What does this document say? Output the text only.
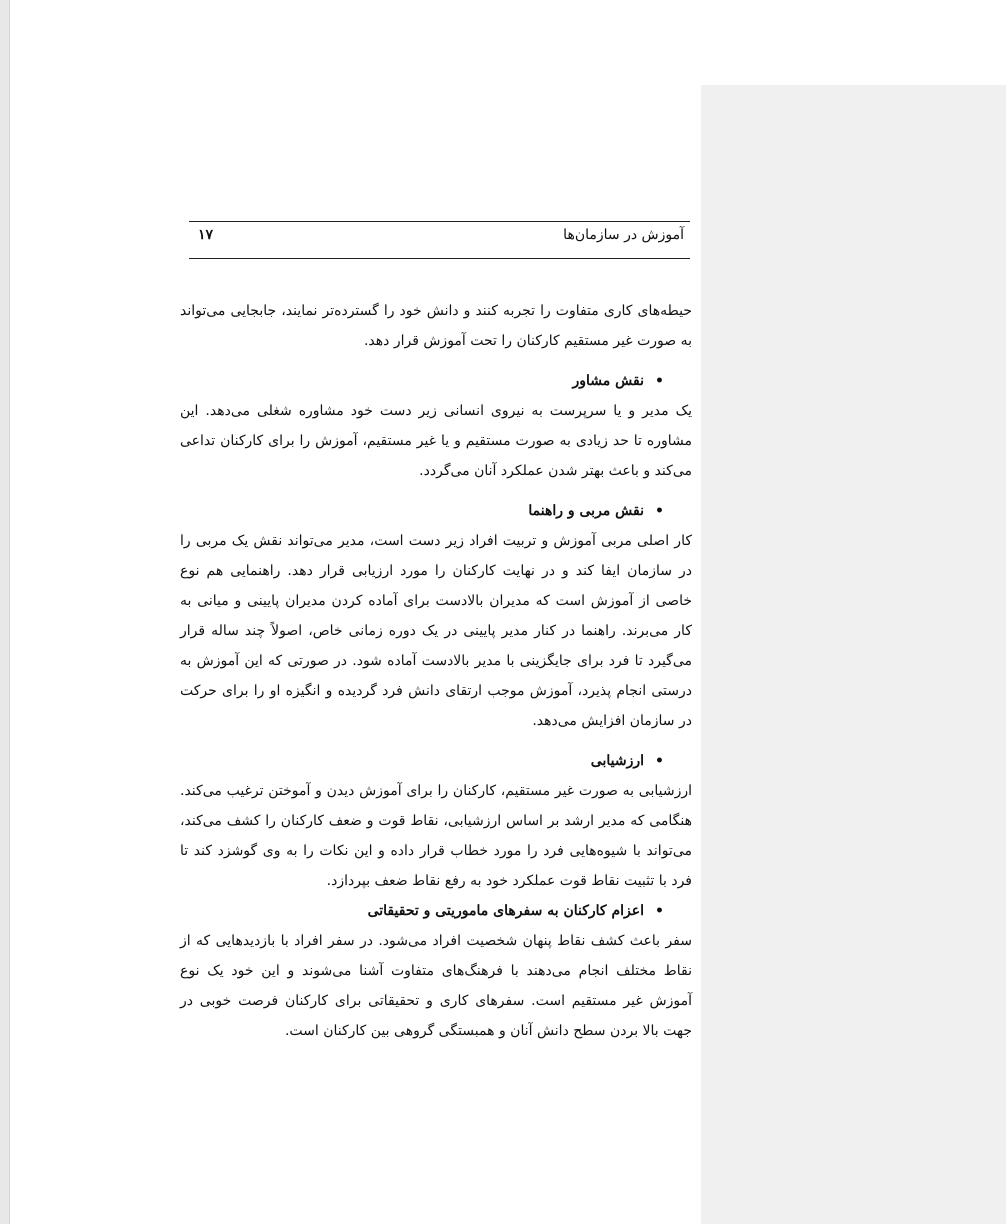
آموزش در سازمان‌ها
۱۷

حیطه‌های کاری متفاوت را تجربه کنند و دانش خود را گسترده‌تر نمایند، جابجایی می‌تواند به صورت غیر مستقیم کارکنان را تحت آموزش قرار دهد.

•نقش مشاور

یک مدیر و یا سرپرست به نیروی انسانی زیر دست خود مشاوره شغلی می‌دهد. این مشاوره تا حد زیادی به صورت مستقیم و یا غیر مستقیم، آموزش را برای کارکنان تداعی می‌کند و باعث بهتر شدن عملکرد آنان می‌گردد.

•نقش مربی و راهنما

کار اصلی مربی آموزش و تربیت افراد زیر دست است، مدیر می‌تواند نقش یک مربی را در سازمان ایفا کند و در نهایت کارکنان را مورد ارزیابی قرار دهد. راهنمایی هم نوع خاصی از آموزش است که مدیران بالادست برای آماده کردن مدیران پایینی و میانی به کار می‌برند. راهنما در کنار مدیر پایینی در یک دوره زمانی خاص، اصولاً چند ساله قرار می‌گیرد تا فرد برای جایگزینی با مدیر بالادست آماده شود. در صورتی که این آموزش به درستی انجام پذیرد، آموزش موجب ارتقای دانش فرد گردیده و انگیزه او را برای حرکت در سازمان افزایش می‌دهد.

•ارزشیابی

ارزشیابی به صورت غیر مستقیم، کارکنان را برای آموزش دیدن و آموختن ترغیب می‌کند. هنگامی که مدیر ارشد بر اساس ارزشیابی، نقاط قوت و ضعف کارکنان را کشف می‌کند، می‌تواند با شیوه‌هایی فرد را مورد خطاب قرار داده و این نکات را به وی گوشزد کند تا فرد با تثبیت نقاط قوت عملکرد خود به رفع نقاط ضعف بپردازد.

•اعزام کارکنان به سفرهای ماموریتی و تحقیقاتی

سفر باعث کشف نقاط پنهان شخصیت افراد می‌شود. در سفر افراد با بازدیدهایی که از نقاط مختلف انجام می‌دهند با فرهنگ‌های متفاوت آشنا می‌شوند و این خود یک نوع آموزش غیر مستقیم است. سفرهای کاری و تحقیقاتی برای کارکنان فرصت خوبی در جهت بالا بردن سطح دانش آنان و همبستگی گروهی بین کارکنان است.
